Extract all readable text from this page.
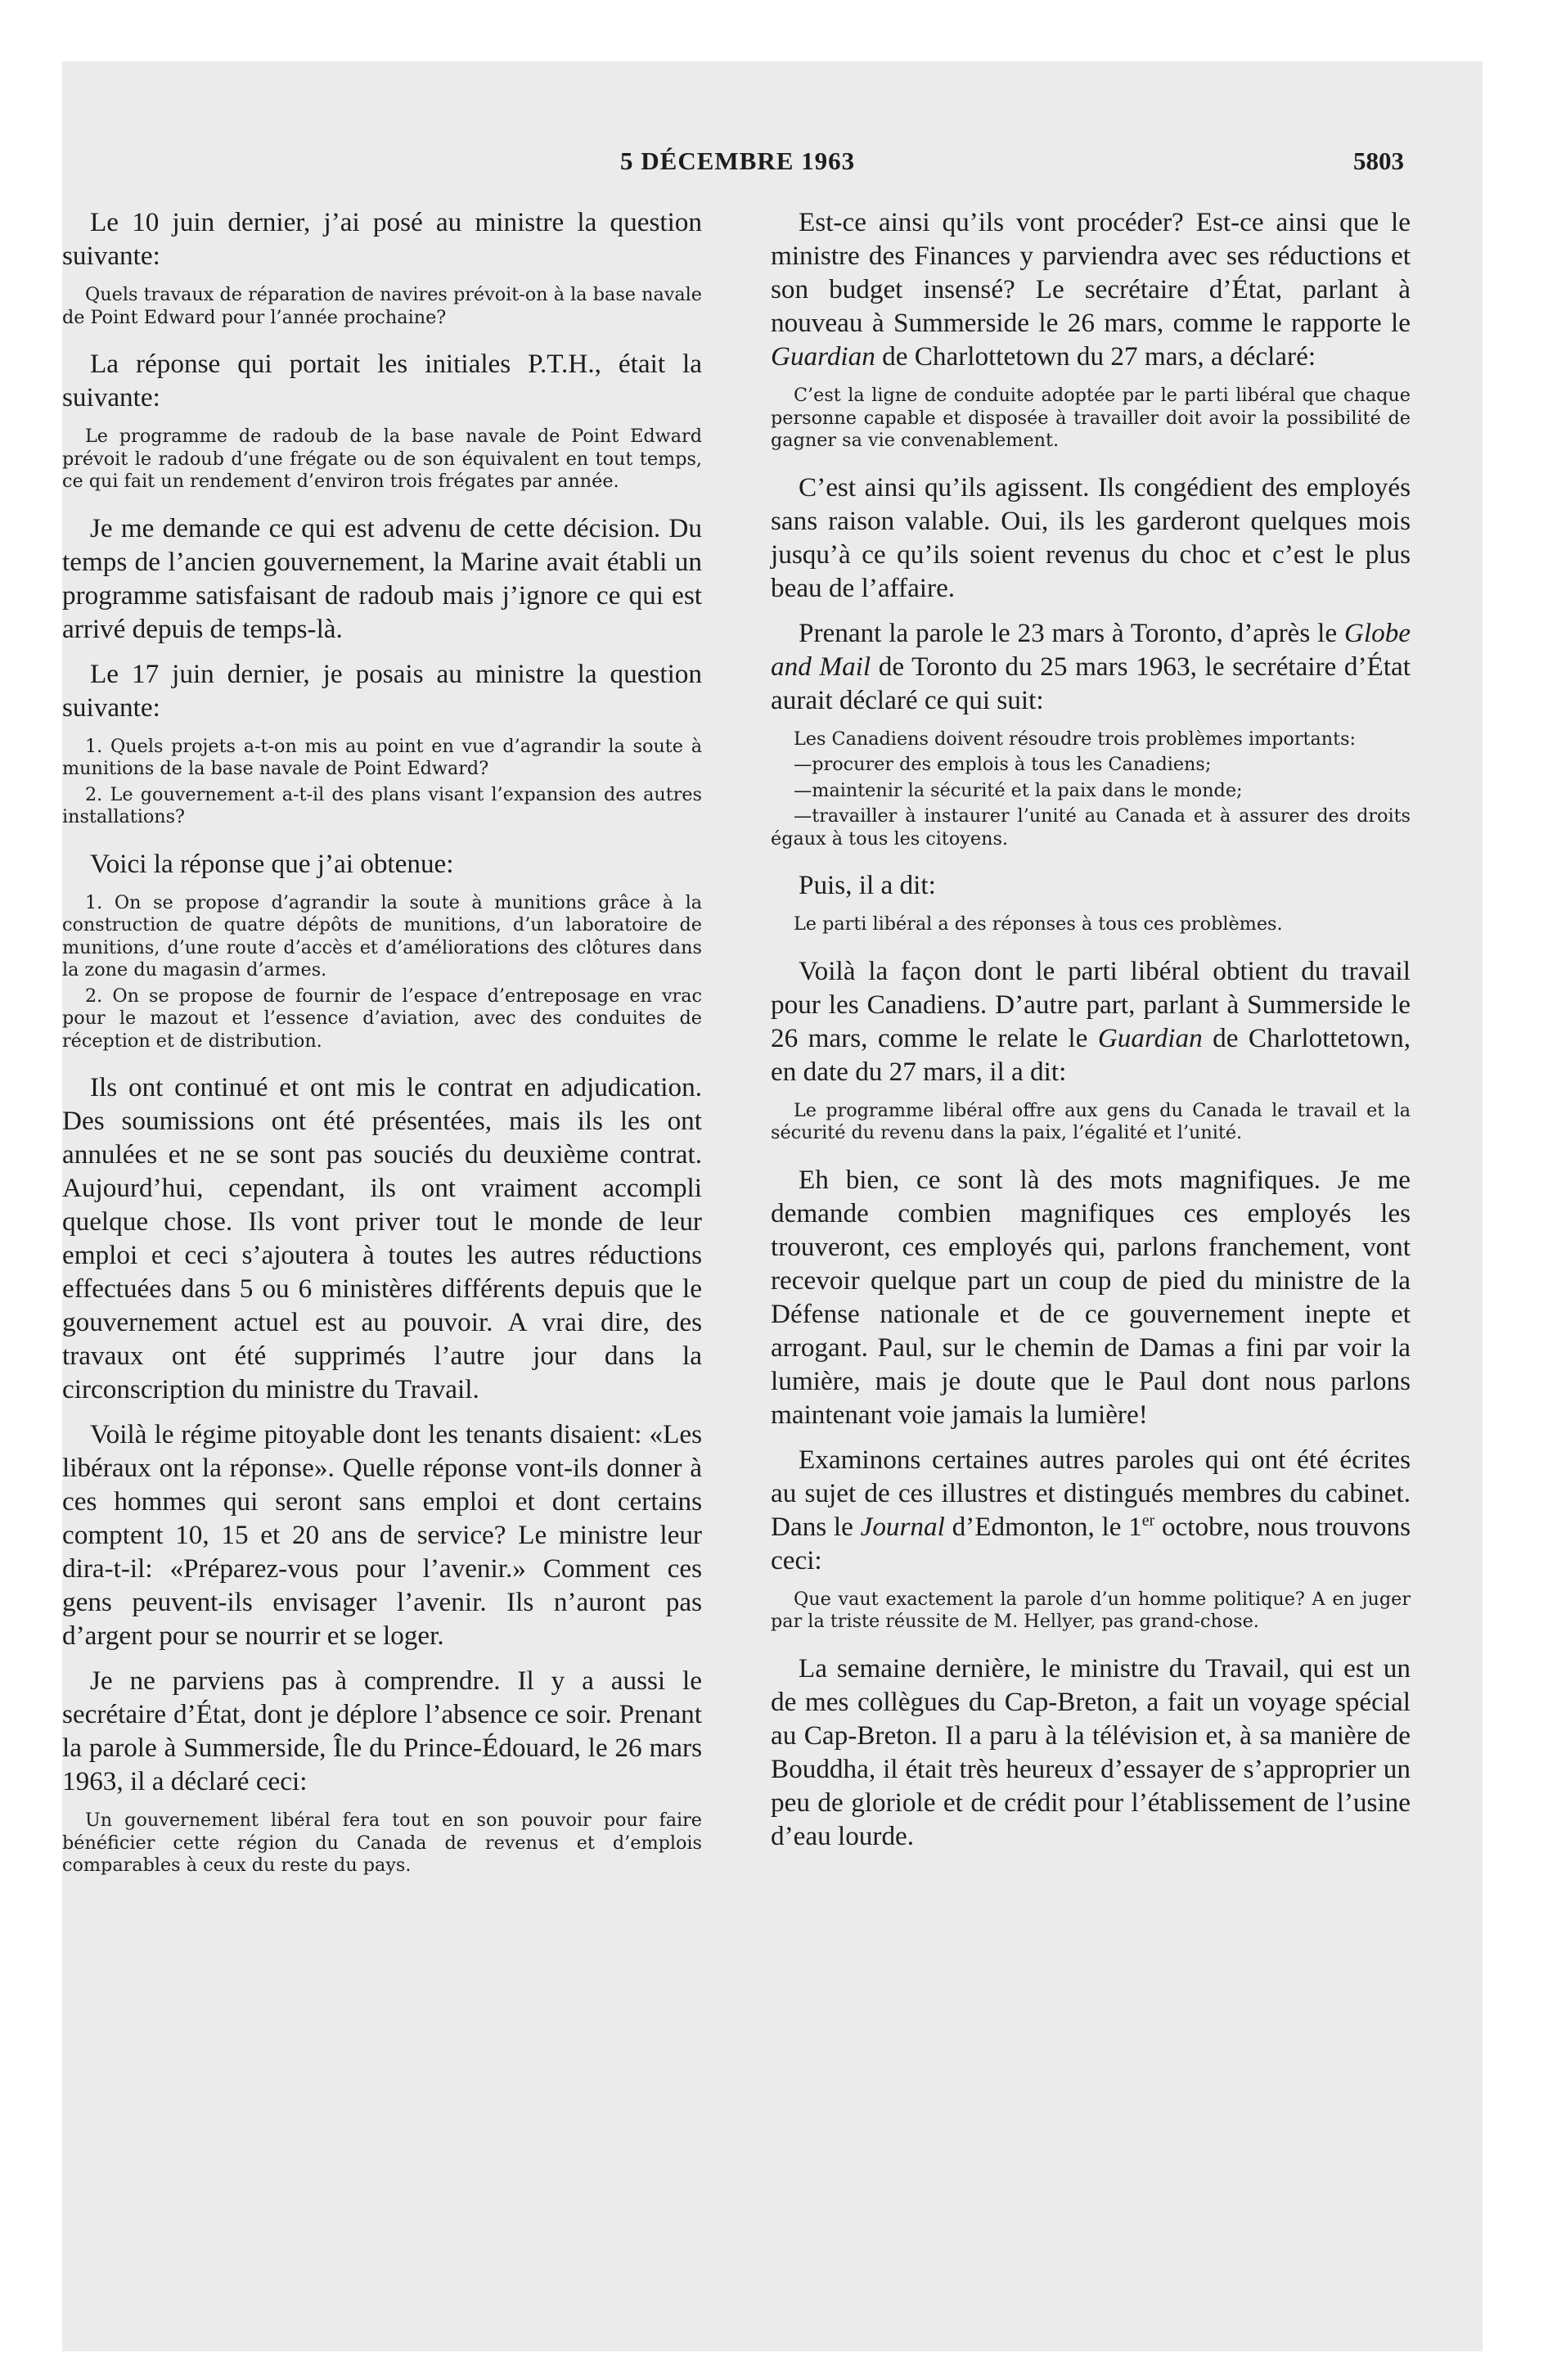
5 DÉCEMBRE 1963	5803

Le 10 juin dernier, j’ai posé au ministre la question suivante:

Quels travaux de réparation de navires prévoit-on à la base navale de Point Edward pour l’année prochaine?

La réponse qui portait les initiales P.T.H., était la suivante:

Le programme de radoub de la base navale de Point Edward prévoit le radoub d’une frégate ou de son équivalent en tout temps, ce qui fait un rendement d’environ trois frégates par année.

Je me demande ce qui est advenu de cette décision. Du temps de l’ancien gouvernement, la Marine avait établi un programme satisfaisant de radoub mais j’ignore ce qui est arrivé depuis de temps-là.

Le 17 juin dernier, je posais au ministre la question suivante:

1. Quels projets a-t-on mis au point en vue d’agrandir la soute à munitions de la base navale de Point Edward?

2. Le gouvernement a-t-il des plans visant l’expansion des autres installations?

Voici la réponse que j’ai obtenue:

1. On se propose d’agrandir la soute à munitions grâce à la construction de quatre dépôts de munitions, d’un laboratoire de munitions, d’une route d’accès et d’améliorations des clôtures dans la zone du magasin d’armes.

2. On se propose de fournir de l’espace d’entreposage en vrac pour le mazout et l’essence d’aviation, avec des conduites de réception et de distribution.

Ils ont continué et ont mis le contrat en adjudication. Des soumissions ont été présentées, mais ils les ont annulées et ne se sont pas souciés du deuxième contrat. Aujourd’hui, cependant, ils ont vraiment accompli quelque chose. Ils vont priver tout le monde de leur emploi et ceci s’ajoutera à toutes les autres réductions effectuées dans 5 ou 6 ministères différents depuis que le gouvernement actuel est au pouvoir. A vrai dire, des travaux ont été supprimés l’autre jour dans la circonscription du ministre du Travail.

Voilà le régime pitoyable dont les tenants disaient: «Les libéraux ont la réponse». Quelle réponse vont-ils donner à ces hommes qui seront sans emploi et dont certains comptent 10, 15 et 20 ans de service? Le ministre leur dira-t-il: «Préparez-vous pour l’avenir.» Comment ces gens peuvent-ils envisager l’avenir. Ils n’auront pas d’argent pour se nourrir et se loger.

Je ne parviens pas à comprendre. Il y a aussi le secrétaire d’État, dont je déplore l’absence ce soir. Prenant la parole à Summerside, Île du Prince-Édouard, le 26 mars 1963, il a déclaré ceci:

Un gouvernement libéral fera tout en son pouvoir pour faire bénéficier cette région du Canada de revenus et d’emplois comparables à ceux du reste du pays.

Est-ce ainsi qu’ils vont procéder? Est-ce ainsi que le ministre des Finances y parviendra avec ses réductions et son budget insensé? Le secrétaire d’État, parlant à nouveau à Summerside le 26 mars, comme le rapporte le Guardian de Charlottetown du 27 mars, a déclaré:

C’est la ligne de conduite adoptée par le parti libéral que chaque personne capable et disposée à travailler doit avoir la possibilité de gagner sa vie convenablement.

C’est ainsi qu’ils agissent. Ils congédient des employés sans raison valable. Oui, ils les garderont quelques mois jusqu’à ce qu’ils soient revenus du choc et c’est le plus beau de l’affaire.

Prenant la parole le 23 mars à Toronto, d’après le Globe and Mail de Toronto du 25 mars 1963, le secrétaire d’État aurait déclaré ce qui suit:

Les Canadiens doivent résoudre trois problèmes importants:

—procurer des emplois à tous les Canadiens;

—maintenir la sécurité et la paix dans le monde;

—travailler à instaurer l’unité au Canada et à assurer des droits égaux à tous les citoyens.

Puis, il a dit:

Le parti libéral a des réponses à tous ces problèmes.

Voilà la façon dont le parti libéral obtient du travail pour les Canadiens. D’autre part, parlant à Summerside le 26 mars, comme le relate le Guardian de Charlottetown, en date du 27 mars, il a dit:

Le programme libéral offre aux gens du Canada le travail et la sécurité du revenu dans la paix, l’égalité et l’unité.

Eh bien, ce sont là des mots magnifiques. Je me demande combien magnifiques ces employés les trouveront, ces employés qui, parlons franchement, vont recevoir quelque part un coup de pied du ministre de la Défense nationale et de ce gouvernement inepte et arrogant. Paul, sur le chemin de Damas a fini par voir la lumière, mais je doute que le Paul dont nous parlons maintenant voie jamais la lumière!

Examinons certaines autres paroles qui ont été écrites au sujet de ces illustres et distingués membres du cabinet. Dans le Journal d’Edmonton, le 1er octobre, nous trouvons ceci:

Que vaut exactement la parole d’un homme politique? A en juger par la triste réussite de M. Hellyer, pas grand-chose.

La semaine dernière, le ministre du Travail, qui est un de mes collègues du Cap-Breton, a fait un voyage spécial au Cap-Breton. Il a paru à la télévision et, à sa manière de Bouddha, il était très heureux d’essayer de s’approprier un peu de gloriole et de crédit pour l’établissement de l’usine d’eau lourde.
